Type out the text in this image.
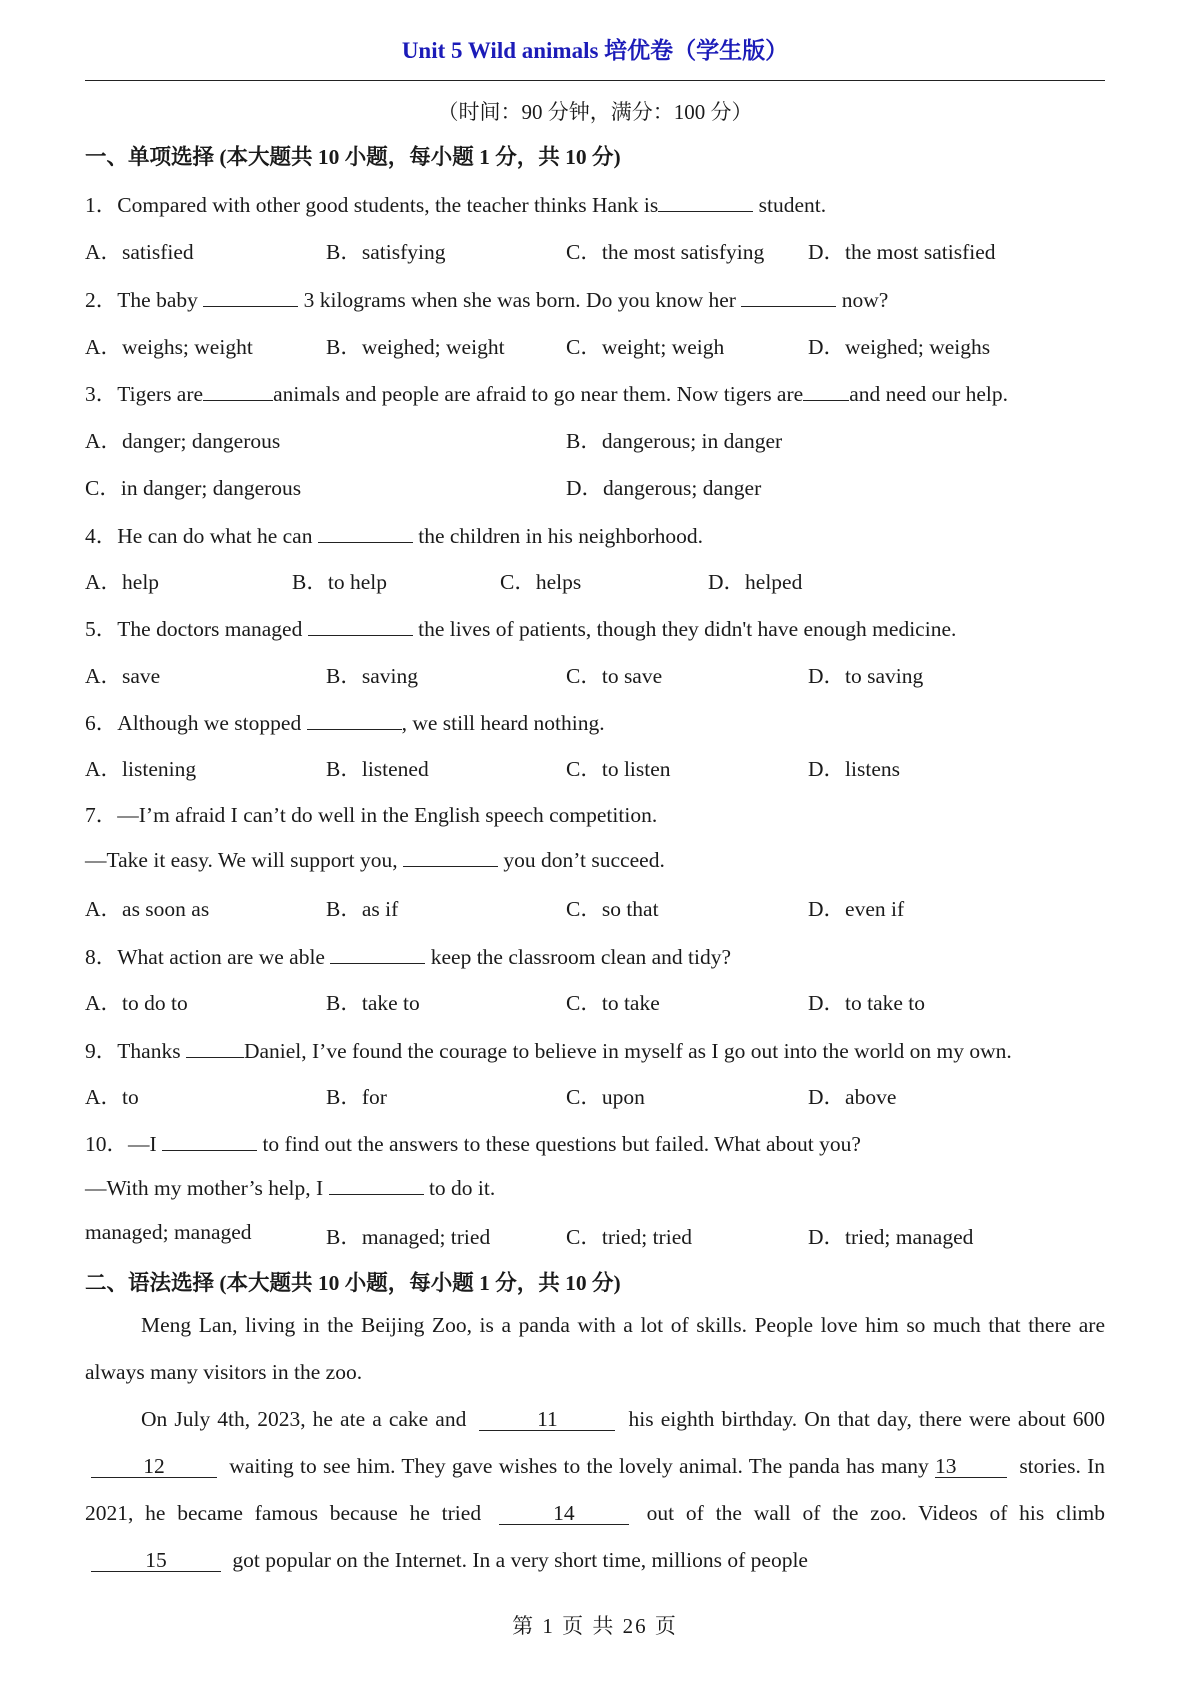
Unit 5 Wild animals 培优卷（学生版）
（时间：90 分钟，满分：100 分）
一、单项选择 (本大题共 10 小题，每小题 1 分，共 10 分)
1．Compared with other good students, the teacher thinks Hank is	student.
A．satisfied	B．satisfying	C．the most satisfying D．the most satisfied
2．The baby	3 kilograms when she was born. Do you know her	now?
A．weighs; weight	B．weighed; weight	C．weight; weigh	D．weighed; weighs
3．Tigers are	animals and people are afraid to go near them. Now tigers are and need our help.
A．danger; dangerous	B．dangerous; in danger
C．in danger; dangerous	D．dangerous; danger
4．He can do what he can	the children in his neighborhood.
A．help	B．to help	C．helps	D．helped
5．The doctors managed	the lives of patients, though they didn't have enough medicine.
A．save	B．saving	C．to save	D．to saving
6．Although we stopped	, we still heard nothing.
A．listening	B．listened	C．to listen	D．listens
7．—I’m afraid I can’t do well in the English speech competition.
—Take it easy. We will support you,	you don’t succeed.
A．as soon as	B．as if	C．so that	D．even if
8．What action are we able	keep the classroom clean and tidy?
A．to do to	B．take to	C．to take	D．to take to
9．Thanks	Daniel, I’ve found the courage to believe in myself as I go out into the world on my own.
A．to	B．for	C．upon	D．above
10．—I	to find out the answers to these questions but failed. What about you?
—With my mother’s help, I	to do it.
managed; managed	B．managed; tried	C．tried; tried	D．tried; managed
二、语法选择 (本大题共 10 小题，每小题 1 分，共 10 分)
Meng Lan, living in the Beijing Zoo, is a panda with a lot of skills. People love him so much that there are always many visitors in the zoo.
On July 4th, 2023, he ate a cake and	11	his eighth birthday. On that day, there were about 600 12	waiting to see him. They gave wishes to the lovely animal. The panda has many 13	stories. In 2021, he became famous because he tried	14	out of the wall of the zoo. Videos of his climb 15	got popular on the Internet. In a very short time, millions of people
第 1 页 共 26 页
